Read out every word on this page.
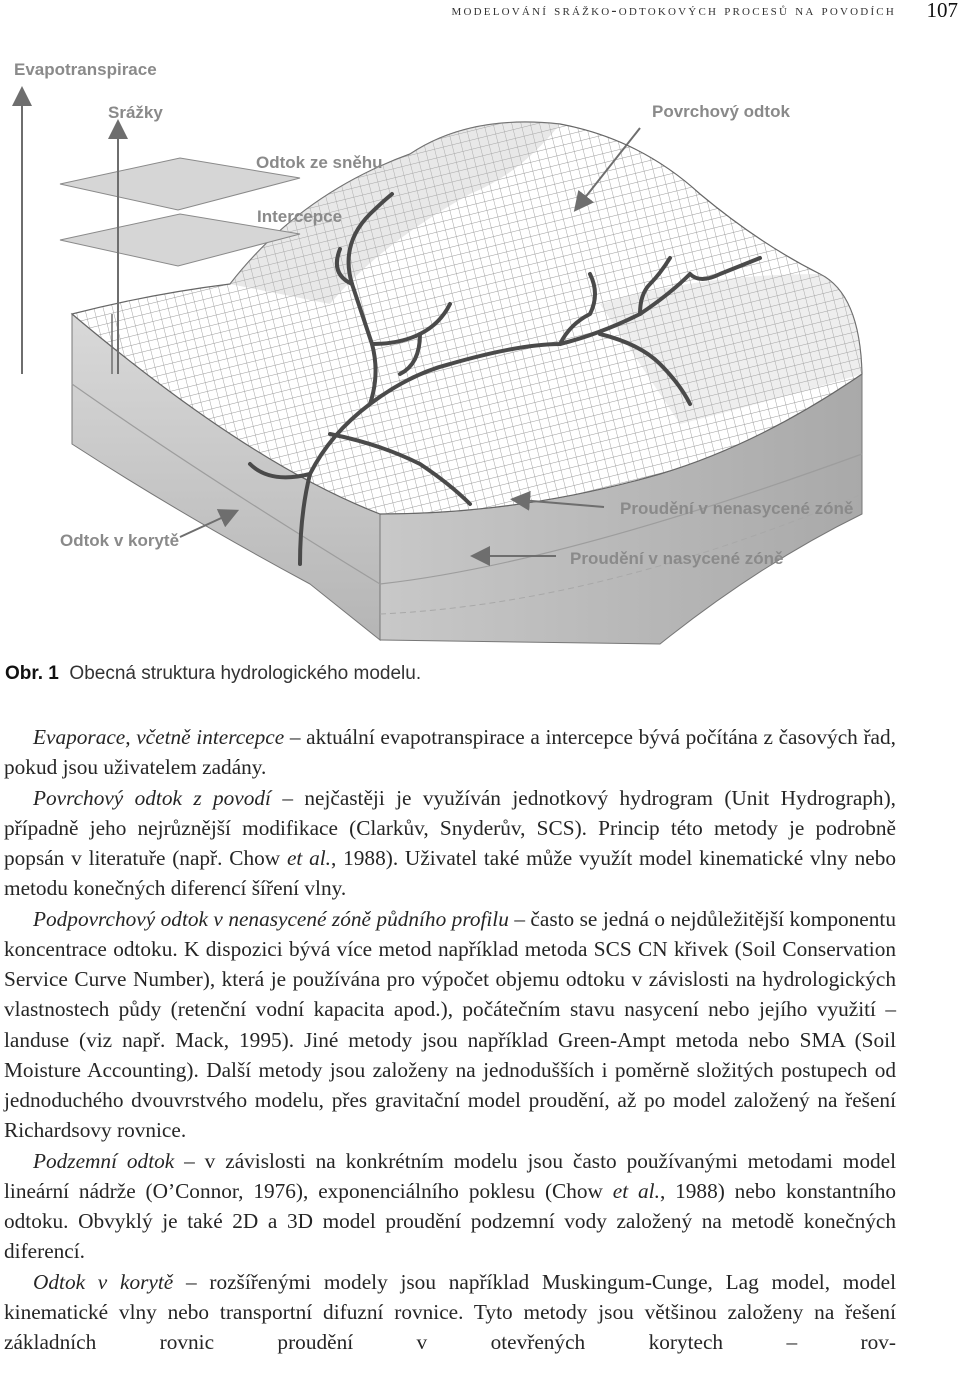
modelování srážko-odtokových procesů na povodích 107
Evapotranspirace
Srážky
Odtok ze sněhu
Intercepce
Povrchový odtok
Odtok v korytě
Proudění v nenasycené zóně
Proudění v nasycené zóně
Obr. 1 Obecná struktura hydrologického modelu.

Evaporace, včetně intercepce – aktuální evapotranspirace a intercepce bývá počítána z časových řad, pokud jsou uživatelem zadány.

Povrchový odtok z povodí – nejčastěji je využíván jednotkový hydrogram (Unit Hydrograph), případně jeho nejrůznější modifikace (Clarkův, Snyderův, SCS). Princip této metody je podrobně popsán v literatuře (např. Chow et al., 1988). Uživatel také může využít model kinematické vlny nebo metodu konečných diferencí šíření vlny.

Podpovrchový odtok v nenasycené zóně půdního profilu – často se jedná o nejdůležitější komponentu koncentrace odtoku. K dispozici bývá více metod například metoda SCS CN křivek (Soil Conservation Service Curve Number), která je používána pro výpočet objemu odtoku v závislosti na hydrologických vlastnostech půdy (retenční vodní kapacita apod.), počátečním stavu nasycení nebo jejího využití – landuse (viz např. Mack, 1995). Jiné metody jsou například Green-Ampt metoda nebo SMA (Soil Moisture Accounting). Další metody jsou založeny na jednodušších i poměrně složitých postupech od jednoduchého dvouvrstvého modelu, přes gravitační model proudění, až po model založený na řešení Richardsovy rovnice.

Podzemní odtok – v závislosti na konkrétním modelu jsou často používanými metodami model lineární nádrže (O’Connor, 1976), exponenciálního poklesu (Chow et al., 1988) nebo konstantního odtoku. Obvyklý je také 2D a 3D model proudění podzemní vody založený na metodě konečných diferencí.

Odtok v korytě – rozšířenými modely jsou například Muskingum-Cunge, Lag model, model kinematické vlny nebo transportní difuzní rovnice. Tyto metody jsou většinou založeny na řešení základních rovnic proudění v otevřených korytech – rov-
